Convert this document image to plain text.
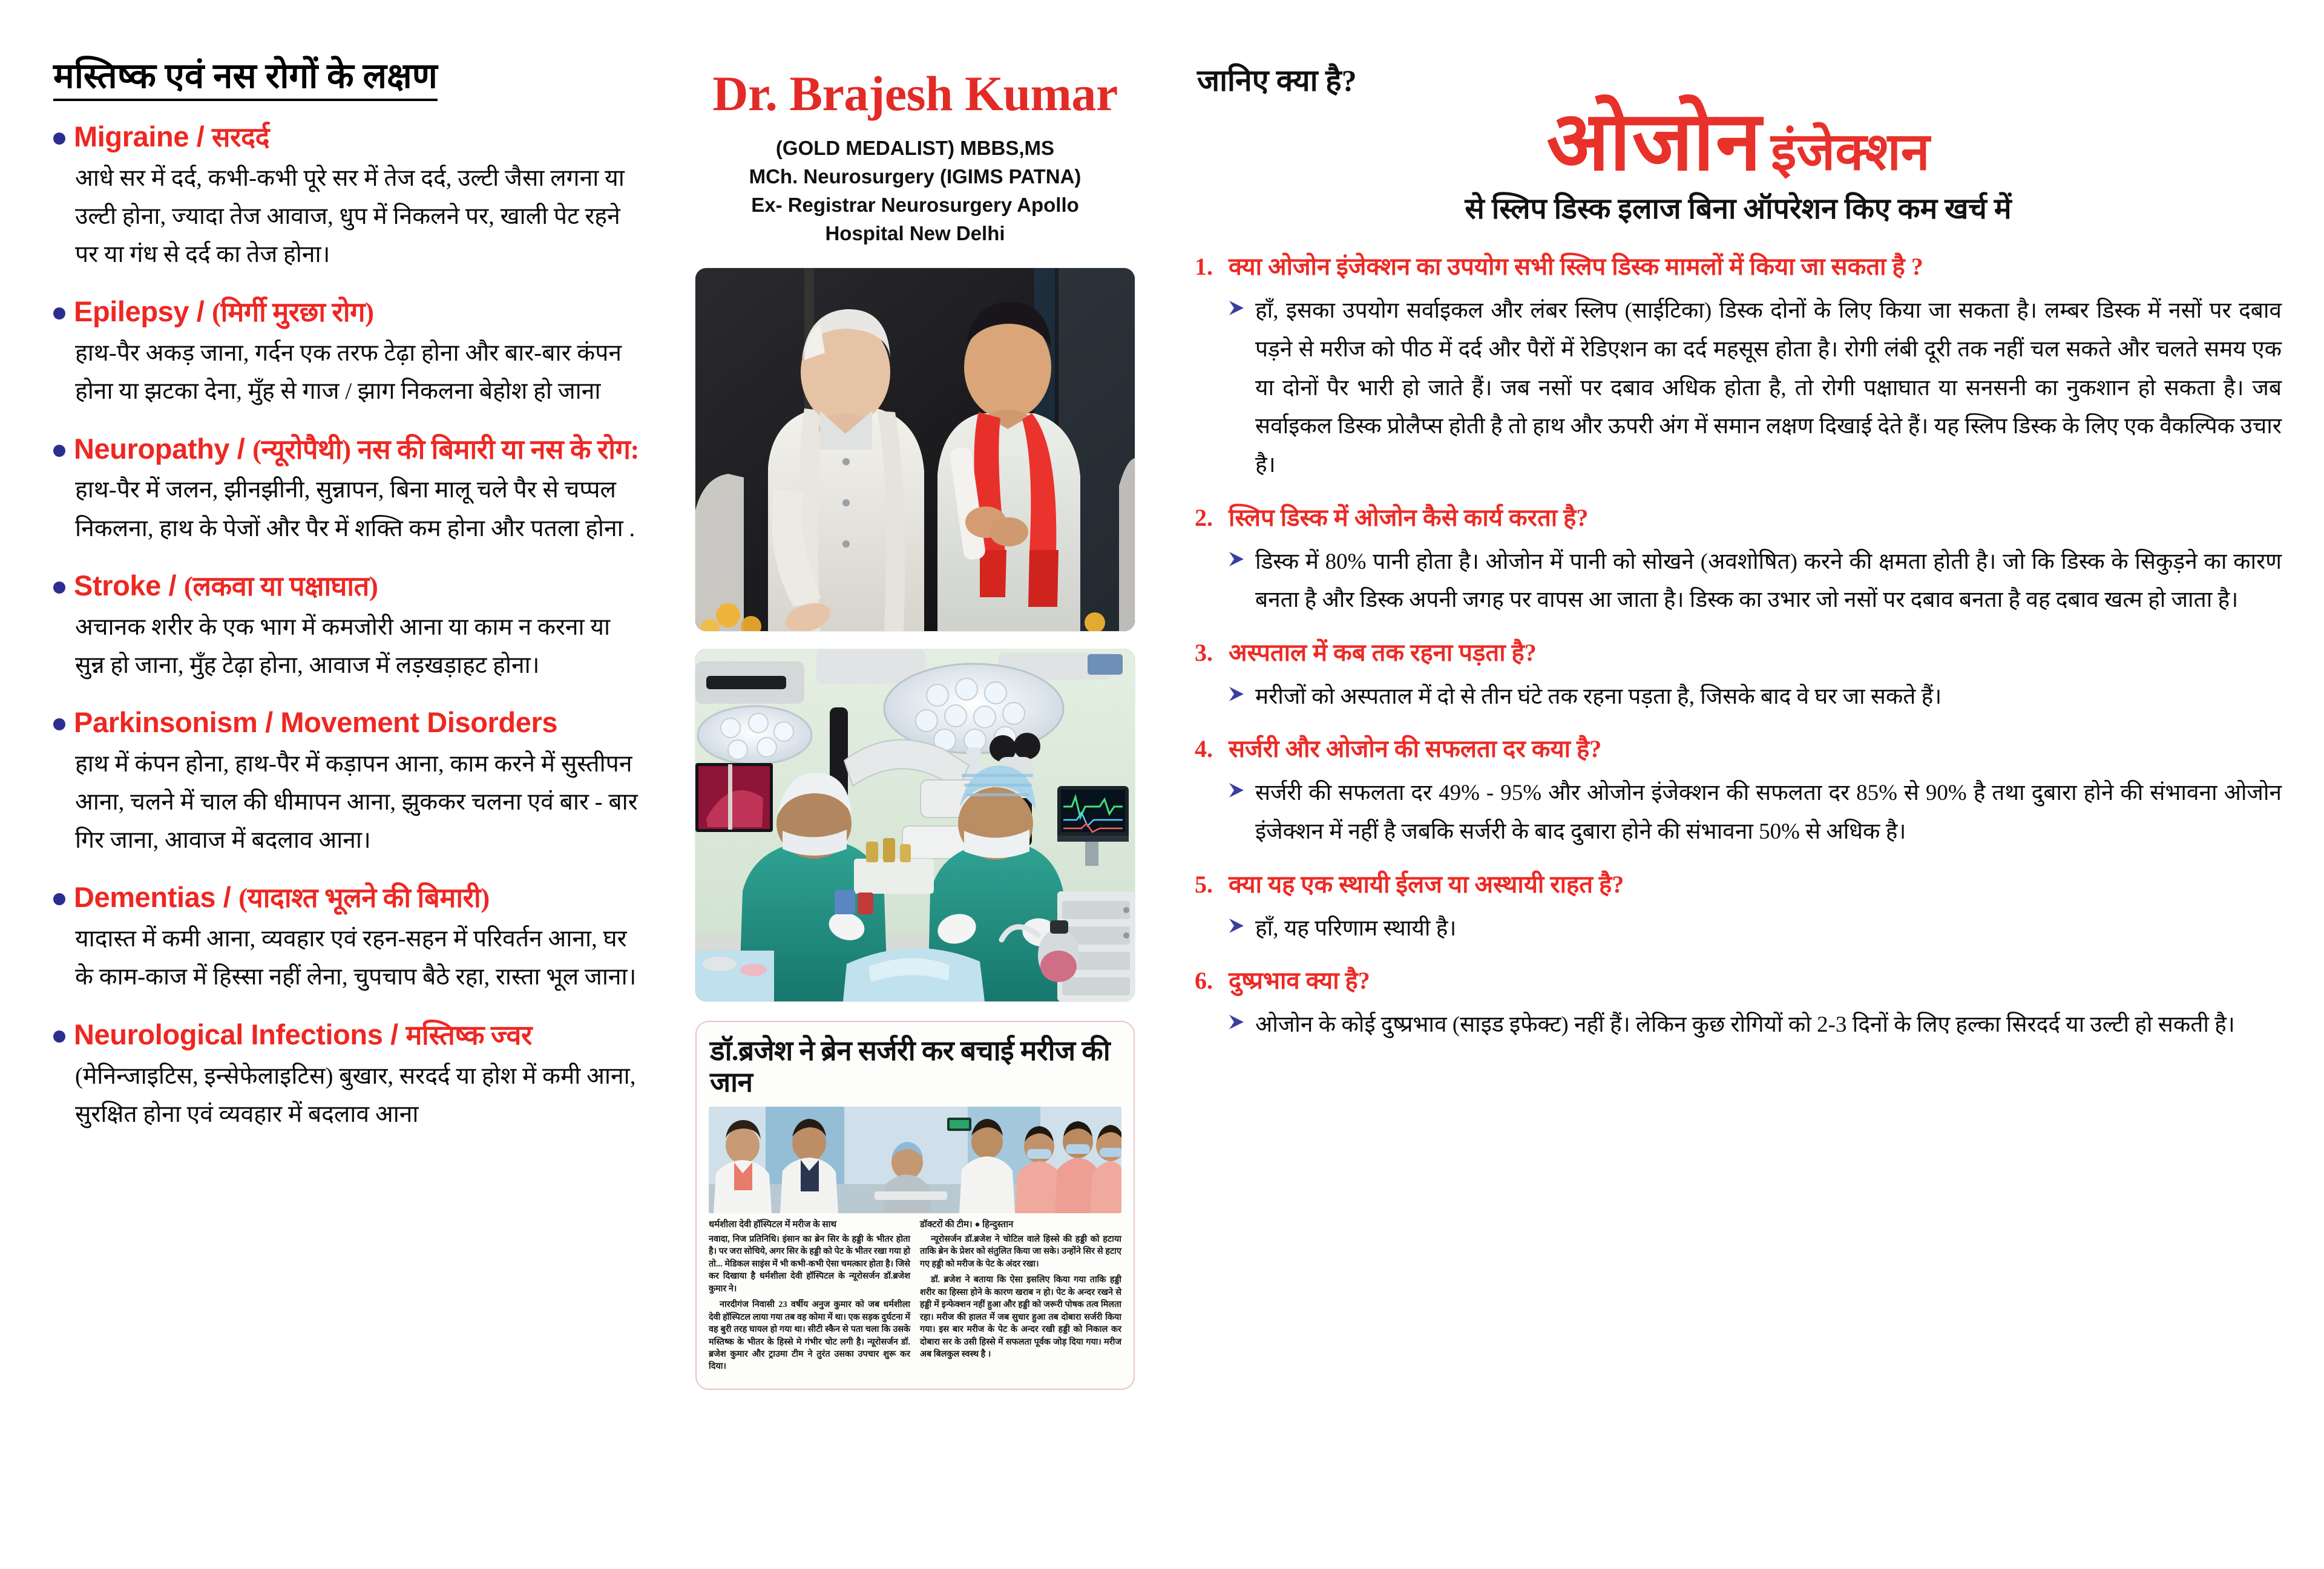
मस्तिष्क एवं नस रोगों के लक्षण
Migraine / सरदर्द
आधे सर में दर्द, कभी-कभी पूरे सर में तेज दर्द, उल्टी जैसा लगना या उल्टी होना, ज्यादा तेज आवाज, धुप में निकलने पर, खाली पेट रहने पर या गंध से दर्द का तेज होना।
Epilepsy / (मिर्गी मुरछा रोग)
हाथ-पैर अकड़ जाना, गर्दन एक तरफ टेढ़ा होना और बार-बार कंपन होना या झटका देना, मुँह से गाज / झाग निकलना बेहोश हो जाना
Neuropathy / (न्यूरोपैथी) नस की बिमारी या नस के रोग:
हाथ-पैर में जलन, झीनझीनी, सुन्नापन, बिना मालू चले पैर से चप्पल निकलना, हाथ के पेजों और पैर में शक्ति कम होना और पतला होना .
Stroke / (लकवा या पक्षाघात)
अचानक शरीर के एक भाग में कमजोरी आना या काम न करना या सुन्न हो जाना, मुँह टेढ़ा होना, आवाज में लड़खड़ाहट होना।
Parkinsonism / Movement Disorders
हाथ में कंपन होना, हाथ-पैर में कड़ापन आना, काम करने में सुस्तीपन आना, चलने में चाल की धीमापन आना, झुककर चलना एवं बार - बार गिर जाना, आवाज में बदलाव आना।
Dementias / (यादाश्त भूलने की बिमारी)
यादास्त में कमी आना, व्यवहार एवं रहन-सहन में परिवर्तन आना, घर के काम-काज में हिस्सा नहीं लेना, चुपचाप बैठे रहा, रास्ता भूल जाना।
Neurological Infections / मस्तिष्क ज्वर
(मेनिन्जाइटिस, इन्सेफेलाइटिस) बुखार, सरदर्द या होश में कमी आना, सुरक्षित होना एवं व्यवहार में बदलाव आना
Dr. Brajesh Kumar
(GOLD MEDALIST) MBBS,MS
MCh. Neurosurgery (IGIMS PATNA)
Ex- Registrar Neurosurgery Apollo
Hospital New Delhi
डॉ.ब्रजेश ने ब्रेन सर्जरी कर बचाई मरीज की जान
धर्मशीला देवी हॉस्पिटल में मरीज के साथ

नवादा, निज प्रतिनिधि। इंसान का ब्रेन सिर के हड्डी के भीतर होता है। पर जरा सोचिये, अगर सिर के हड्डी को पेट के भीतर रखा गया हो तो... मेडिकल साइंस में भी कभी-कभी ऐसा चमत्कार होता है। जिसे कर दिखाया है धर्मशीला देवी हॉस्पिटल के न्यूरोसर्जन डॉ.ब्रजेश कुमार ने।

नारदीगंज निवासी 23 वर्षीय अनुज कुमार को जब धर्मशीला देवी हॉस्पिटल लाया गया तब वह कोमा में था। एक सड़क दुर्घटना में वह बुरी तरह घायल हो गया था। सीटी स्कैन से पता चला कि उसके मस्तिष्क के भीतर के हिस्से मे गंभीर चोट लगी है। न्यूरोसर्जन डॉ. ब्रजेश कुमार और ट्राउमा टीम ने तुरंत उसका उपचार शुरू कर दिया।

डॉक्टरों की टीम। ● हिन्दुस्तान

न्यूरोसर्जन डॉ.ब्रजेश ने चोटिल वाले हिस्से की हड्डी को हटाया ताकि ब्रेन के प्रेशर को संतुलित किया जा सके। उन्होंने सिर से हटाए गए हड्डी को मरीज के पेट के अंदर रखा।

डॉ. ब्रजेश ने बताया कि ऐसा इसलिए किया गया ताकि हड्डी शरीर का हिस्सा होने के कारण खराब न हो। पेट के अन्दर रखने से हड्डी में इन्फेक्शन नहीं हुआ और हड्डी को जरूरी पोषक तत्व मिलता रहा। मरीज की हालत में जब सुधार हुआ तब दोबारा सर्जरी किया गया। इस बार मरीज के पेट के अन्दर रखी हड्डी को निकाल कर दोबारा सर के उसी हिस्से में सफलता पूर्वक जोड़ दिया गया। मरीज अब बिलकुल स्वस्थ है ।

जानिए क्या है?
ओजोन इंजेक्शन
से स्लिप डिस्क इलाज बिना ऑपरेशन किए कम खर्च में
1. क्या ओजोन इंजेक्शन का उपयोग सभी स्लिप डिस्क मामलों में किया जा सकता है ?
हाँ, इसका उपयोग सर्वाइकल और लंबर स्लिप (साईटिका) डिस्क दोनों के लिए किया जा सकता है। लम्बर डिस्क में नसों पर दबाव पड़ने से मरीज को पीठ में दर्द और पैरों में रेडिएशन का दर्द महसूस होता है। रोगी लंबी दूरी तक नहीं चल सकते और चलते समय एक या दोनों पैर भारी हो जाते हैं। जब नसों पर दबाव अधिक होता है, तो रोगी पक्षाघात या सनसनी का नुकशान हो सकता है। जब सर्वाइकल डिस्क प्रोलैप्स होती है तो हाथ और ऊपरी अंग में समान लक्षण दिखाई देते हैं। यह स्लिप डिस्क के लिए एक वैकल्पिक उचार है।
2. स्लिप डिस्क में ओजोन कैसे कार्य करता है?
डिस्क में 80% पानी होता है। ओजोन में पानी को सोखने (अवशोषित) करने की क्षमता होती है। जो कि डिस्क के सिकुड़ने का कारण बनता है और डिस्क अपनी जगह पर वापस आ जाता है। डिस्क का उभार जो नसों पर दबाव बनता है वह दबाव खत्म हो जाता है।
3. अस्पताल में कब तक रहना पड़ता है?
मरीजों को अस्पताल में दो से तीन घंटे तक रहना पड़ता है, जिसके बाद वे घर जा सकते हैं।
4. सर्जरी और ओजोन की सफलता दर कया है?
सर्जरी की सफलता दर 49% - 95% और ओजोन इंजेक्शन की सफलता दर 85% से 90% है तथा दुबारा होने की संभावना ओजोन इंजेक्शन में नहीं है जबकि सर्जरी के बाद दुबारा होने की संभावना 50% से अधिक है।
5. क्या यह एक स्थायी ईलज या अस्थायी राहत है?
हाँ, यह परिणाम स्थायी है।
6. दुष्प्रभाव क्या है?
ओजोन के कोई दुष्प्रभाव (साइड इफेक्ट) नहीं हैं। लेकिन कुछ रोगियों को 2-3 दिनों के लिए हल्का सिरदर्द या उल्टी हो सकती है।
